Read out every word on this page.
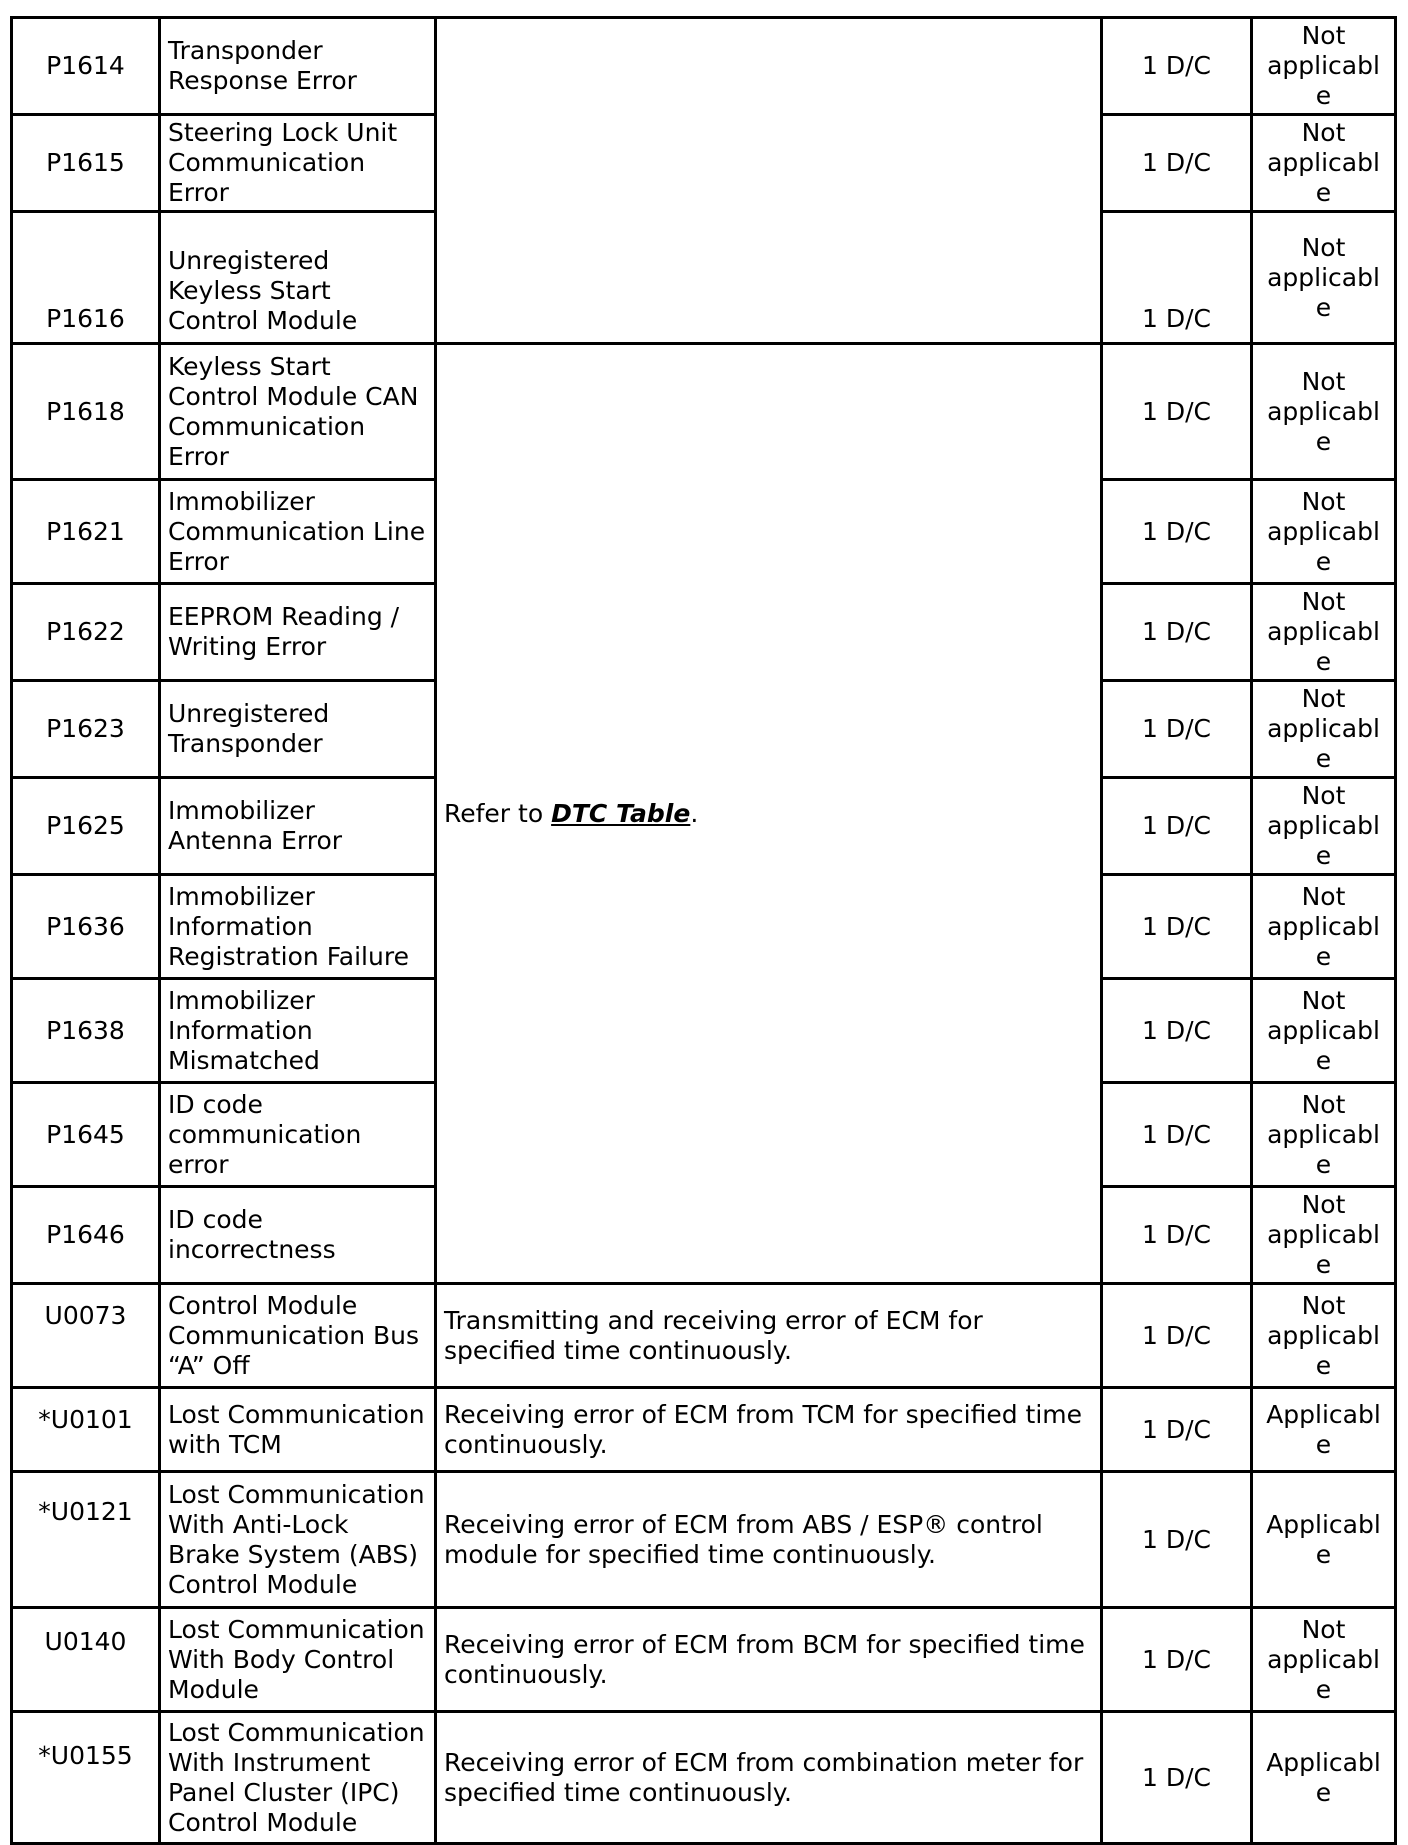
P1614	Transponder Response Error		1 D/C	Not applicable
P1615	Steering Lock Unit Communication Error		1 D/C	Not applicable
P1616	Unregistered Keyless Start Control Module		1 D/C	Not applicable
P1618	Keyless Start Control Module CAN Communication Error	Refer to DTC Table.	1 D/C	Not applicable
P1621	Immobilizer Communication Line Error		1 D/C	Not applicable
P1622	EEPROM Reading / Writing Error		1 D/C	Not applicable
P1623	Unregistered Transponder		1 D/C	Not applicable
P1625	Immobilizer Antenna Error		1 D/C	Not applicable
P1636	Immobilizer Information Registration Failure		1 D/C	Not applicable
P1638	Immobilizer Information Mismatched		1 D/C	Not applicable
P1645	ID code communication error		1 D/C	Not applicable
P1646	ID code incorrectness		1 D/C	Not applicable
U0073	Control Module Communication Bus “A” Off	Transmitting and receiving error of ECM for specified time continuously.	1 D/C	Not applicable
*U0101	Lost Communication with TCM	Receiving error of ECM from TCM for specified time continuously.	1 D/C	Applicable
*U0121	Lost Communication With Anti-Lock Brake System (ABS) Control Module	Receiving error of ECM from ABS / ESP® control module for specified time continuously.	1 D/C	Applicable
U0140	Lost Communication With Body Control Module	Receiving error of ECM from BCM for specified time continuously.	1 D/C	Not applicable
*U0155	Lost Communication With Instrument Panel Cluster (IPC) Control Module	Receiving error of ECM from combination meter for specified time continuously.	1 D/C	Applicable
